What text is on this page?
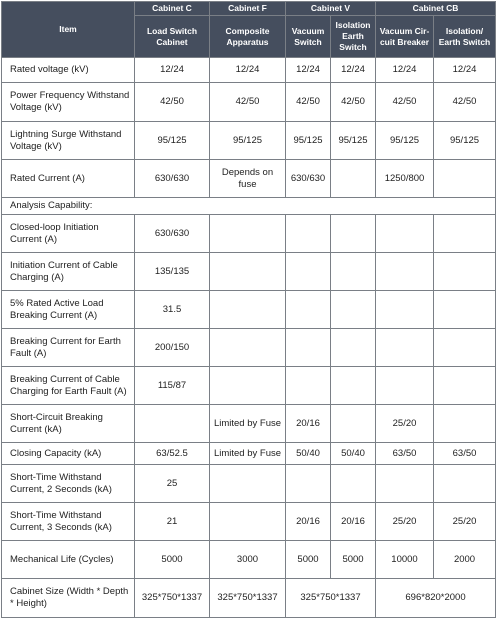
Item	Cabinet C	Cabinet F	Cabinet V		Cabinet CB	
	Load Switch Cabinet	Composite Apparatus	Vacuum Switch	Isolation Earth Switch	Vacuum Cir-cuit Breaker	Isolation/ Earth Switch
Rated voltage (kV)	12/24	12/24	12/24	12/24	12/24	12/24
Power Frequency Withstand Voltage (kV)	42/50	42/50	42/50	42/50	42/50	42/50
Lightning Surge Withstand Voltage (kV)	95/125	95/125	95/125	95/125	95/125	95/125
Rated Current (A)	630/630	Depends on fuse	630/630		1250/800	
Analysis Capability:						
Closed-loop Initiation Current (A)	630/630					
Initiation Current of Cable Charging (A)	135/135					
5% Rated Active Load Breaking Current (A)	31.5					
Breaking Current for Earth Fault (A)	200/150					
Breaking Current of Cable Charging for Earth Fault (A)	115/87					
Short-Circuit Breaking Current (kA)		Limited by Fuse	20/16		25/20	
Closing Capacity (kA)	63/52.5	Limited by Fuse	50/40	50/40	63/50	63/50
Short-Time Withstand Current, 2 Seconds (kA)	25					
Short-Time Withstand Current, 3 Seconds (kA)	21		20/16	20/16	25/20	25/20
Mechanical Life (Cycles)	5000	3000	5000	5000	10000	2000
Cabinet Size (Width * Depth * Height)	325*750*1337	325*750*1337	325*750*1337		696*820*2000	
